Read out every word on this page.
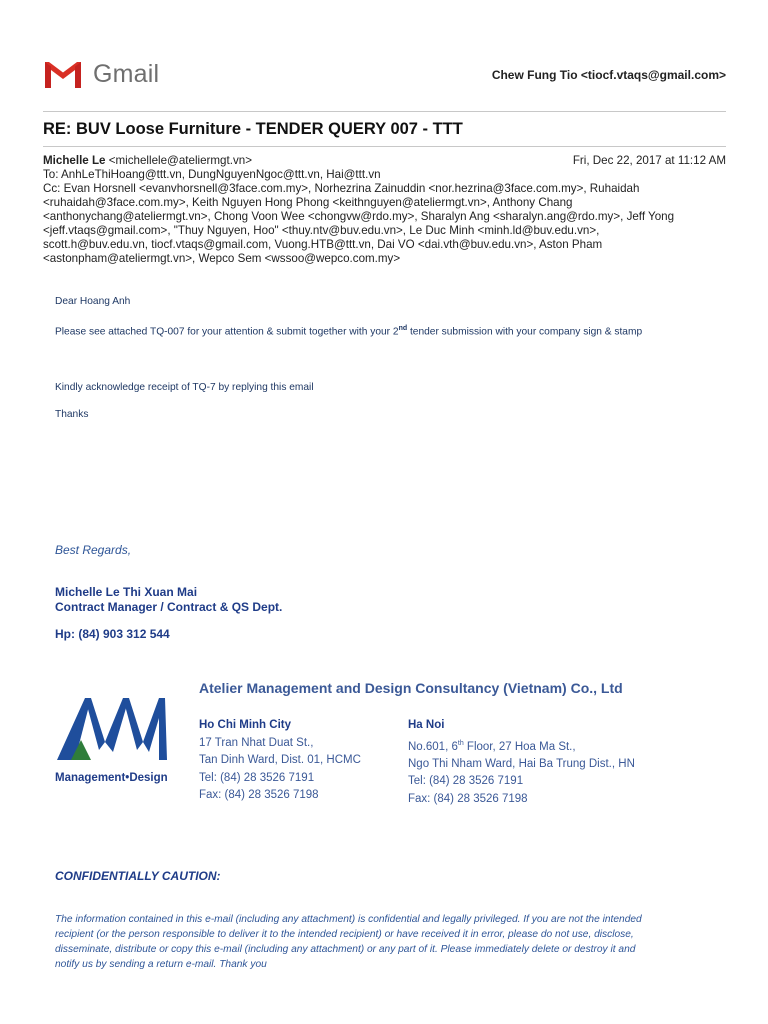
Gmail	Chew Fung Tio <tiocf.vtaqs@gmail.com>
RE: BUV Loose Furniture - TENDER QUERY 007 - TTT
Michelle Le <michellele@ateliermgt.vn>	Fri, Dec 22, 2017 at 11:12 AM
To: AnhLeThiHoang@ttt.vn, DungNguyenNgoc@ttt.vn, Hai@ttt.vn
Cc: Evan Horsnell <evanvhorsnell@3face.com.my>, Norhezrina Zainuddin <nor.hezrina@3face.com.my>, Ruhaidah
<ruhaidah@3face.com.my>, Keith Nguyen Hong Phong <keithnguyen@ateliermgt.vn>, Anthony Chang
<anthonychang@ateliermgt.vn>, Chong Voon Wee <chongvw@rdo.my>, Sharalyn Ang <sharalyn.ang@rdo.my>, Jeff Yong
<jeff.vtaqs@gmail.com>, "Thuy Nguyen, Hoo" <thuy.ntv@buv.edu.vn>, Le Duc Minh <minh.ld@buv.edu.vn>,
scott.h@buv.edu.vn, tiocf.vtaqs@gmail.com, Vuong.HTB@ttt.vn, Dai VO <dai.vth@buv.edu.vn>, Aston Pham
<astonpham@ateliermgt.vn>, Wepco Sem <wssoo@wepco.com.my>
Dear Hoang Anh
Please see attached TQ-007 for your attention & submit together with your 2nd tender submission with your company sign & stamp
Kindly acknowledge receipt of TQ-7 by replying this email
Thanks
Best Regards,
Michelle Le Thi Xuan Mai
Contract Manager / Contract & QS Dept.
Hp: (84) 903 312 544
Atelier Management and Design Consultancy (Vietnam) Co., Ltd
Management•Design
Ho Chi Minh City
17 Tran Nhat Duat St.,
Tan Dinh Ward, Dist. 01, HCMC
Tel: (84) 28 3526 7191
Fax: (84) 28 3526 7198
Ha Noi
No.601, 6th Floor, 27 Hoa Ma St.,
Ngo Thi Nham Ward, Hai Ba Trung Dist., HN
Tel: (84) 28 3526 7191
Fax: (84) 28 3526 7198
CONFIDENTIALLY CAUTION:
The information contained in this e-mail (including any attachment) is confidential and legally privileged. If you are not the intended
recipient (or the person responsible to deliver it to the intended recipient) or have received it in error, please do not use, disclose,
disseminate, distribute or copy this e-mail (including any attachment) or any part of it. Please immediately delete or destroy it and
notify us by sending a return e-mail. Thank you
